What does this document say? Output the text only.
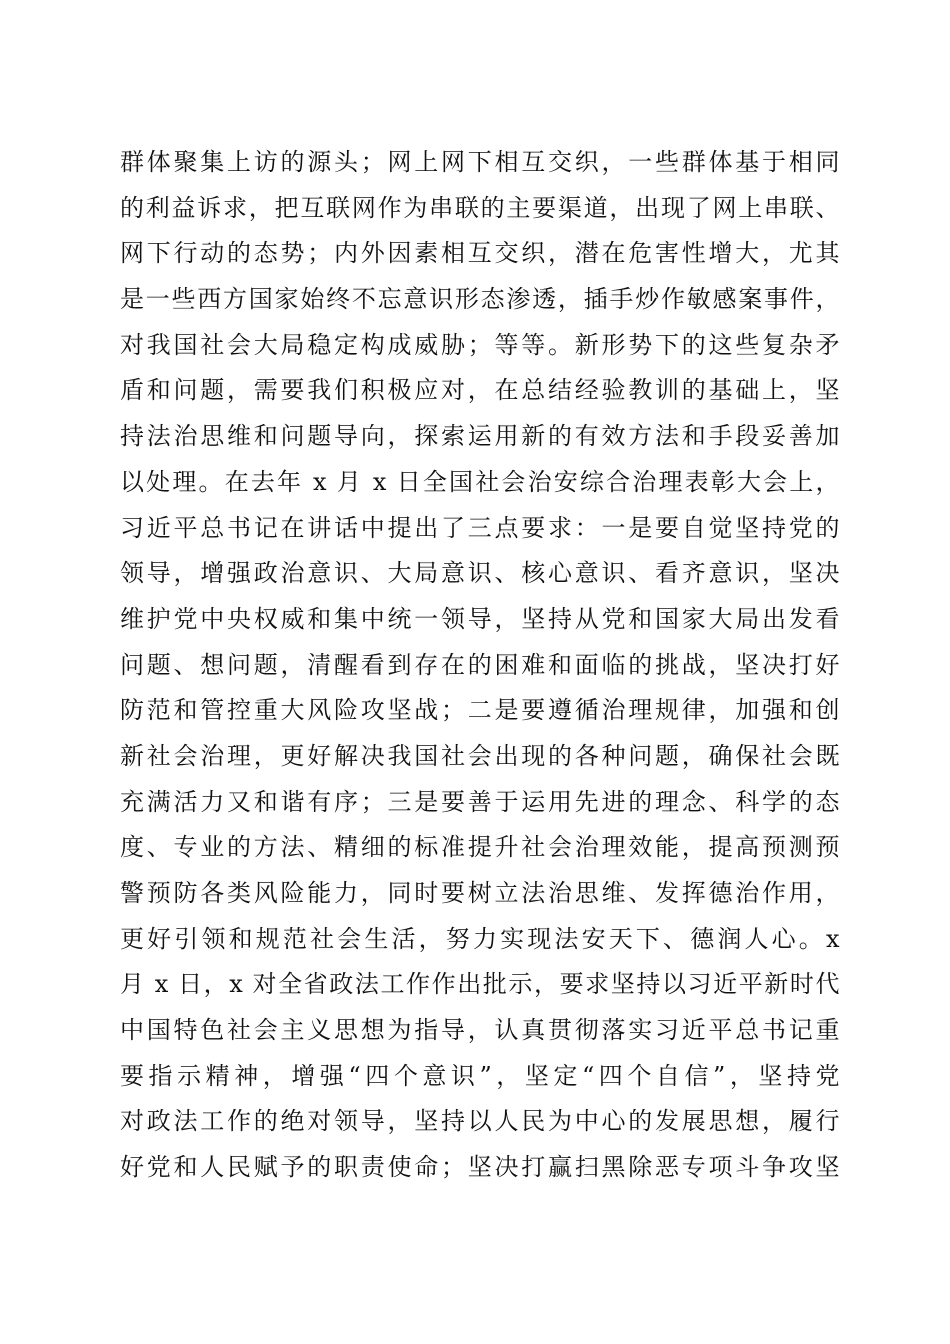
群体聚集上访的源头；网上网下相互交织，一些群体基于相同
的利益诉求，把互联网作为串联的主要渠道，出现了网上串联、
网下行动的态势；内外因素相互交织，潜在危害性增大，尤其
是一些西方国家始终不忘意识形态渗透，插手炒作敏感案事件，
对我国社会大局稳定构成威胁；等等。新形势下的这些复杂矛
盾和问题，需要我们积极应对，在总结经验教训的基础上，坚
持法治思维和问题导向，探索运用新的有效方法和手段妥善加
以处理。在去年 x 月 x 日全国社会治安综合治理表彰大会上，
习近平总书记在讲话中提出了三点要求：一是要自觉坚持党的
领导，增强政治意识、大局意识、核心意识、看齐意识，坚决
维护党中央权威和集中统一领导，坚持从党和国家大局出发看
问题、想问题，清醒看到存在的困难和面临的挑战，坚决打好
防范和管控重大风险攻坚战；二是要遵循治理规律，加强和创
新社会治理，更好解决我国社会出现的各种问题，确保社会既
充满活力又和谐有序；三是要善于运用先进的理念、科学的态
度、专业的方法、精细的标准提升社会治理效能，提高预测预
警预防各类风险能力，同时要树立法治思维、发挥德治作用，
更好引领和规范社会生活，努力实现法安天下、德润人心。x
月 x 日，x 对全省政法工作作出批示，要求坚持以习近平新时代
中国特色社会主义思想为指导，认真贯彻落实习近平总书记重
要指示精神，增强“四个意识”，坚定“四个自信”，坚持党
对政法工作的绝对领导，坚持以人民为中心的发展思想，履行
好党和人民赋予的职责使命；坚决打赢扫黑除恶专项斗争攻坚
